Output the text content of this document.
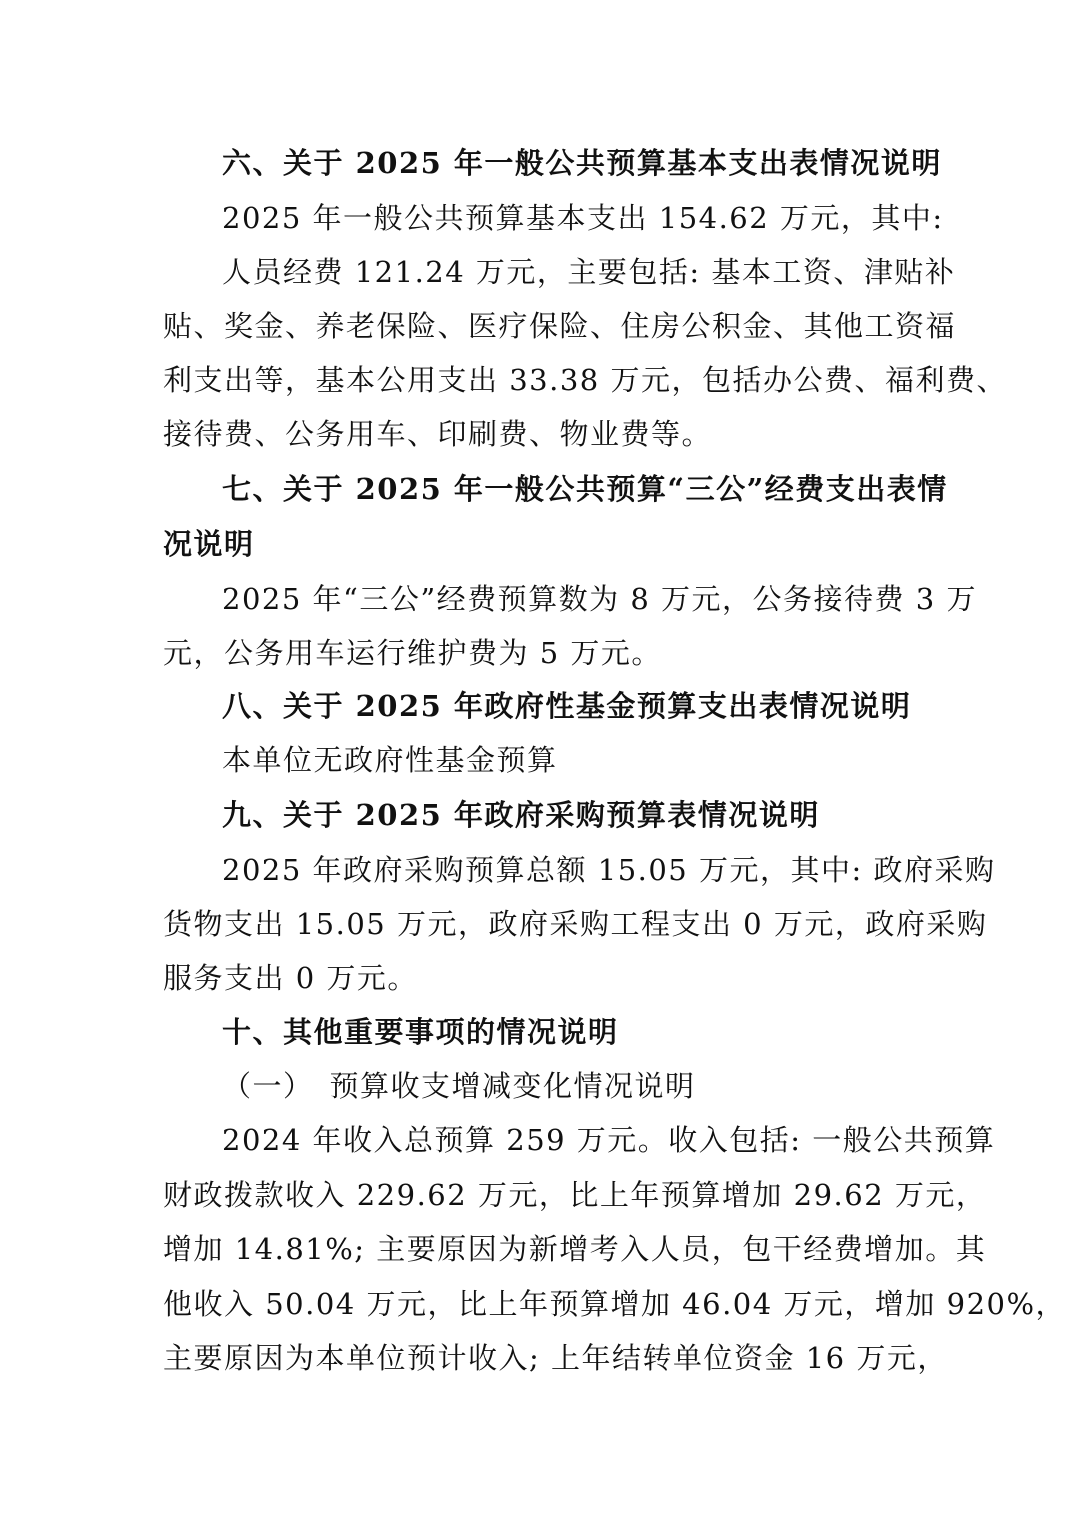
六、关于 2025 年一般公共预算基本支出表情况说明
2025 年一般公共预算基本支出 154.62 万元，其中:
人员经费 121.24 万元，主要包括: 基本工资、津贴补
贴、奖金、养老保险、医疗保险、住房公积金、其他工资福
利支出等，基本公用支出 33.38 万元，包括办公费、福利费、
接待费、公务用车、印刷费、物业费等。
七、关于 2025 年一般公共预算“三公”经费支出表情
况说明
2025 年“三公”经费预算数为 8 万元，公务接待费 3 万
元，公务用车运行维护费为 5 万元。
八、关于 2025 年政府性基金预算支出表情况说明
本单位无政府性基金预算
九、关于 2025 年政府采购预算表情况说明
2025 年政府采购预算总额 15.05 万元，其中: 政府采购
货物支出 15.05 万元，政府采购工程支出 0 万元，政府采购
服务支出 0 万元。
十、其他重要事项的情况说明
（一）　预算收支增减变化情况说明
2024 年收入总预算 259 万元。收入包括: 一般公共预算
财政拨款收入 229.62 万元，比上年预算增加 29.62 万元，
增加 14.81%; 主要原因为新增考入人员，包干经费增加。其
他收入 50.04 万元，比上年预算增加 46.04 万元，增加 920%，
主要原因为本单位预计收入; 上年结转单位资金 16 万元，
